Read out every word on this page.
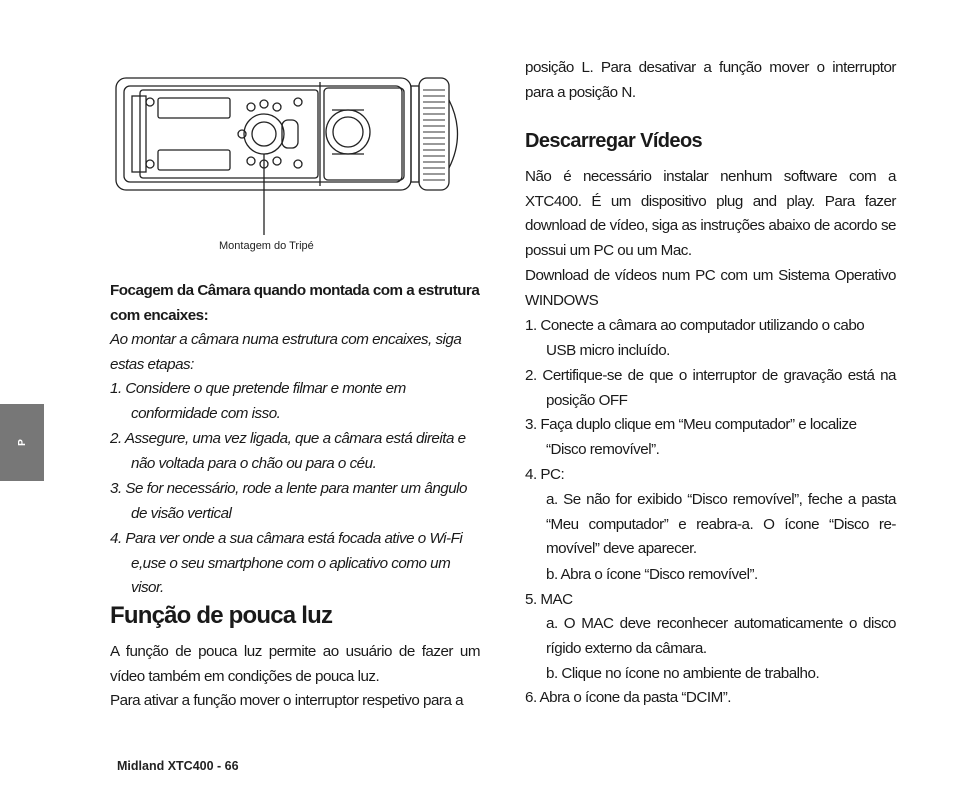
P
Montagem do Tripé

Focagem da Câmara quando montada com a estrutura com encaixes:

Ao montar a câmara numa estrutura com encaixes, siga estas etapas:

1. Considere o que pretende filmar e monte em conformidade com isso.

2. Assegure, uma vez ligada, que a câmara está direita e não voltada para o chão ou para o céu.

3. Se for necessário, rode a lente para manter um ângulo de visão vertical

4. Para ver onde a sua câmara está focada ative o Wi-Fi e,use o seu smartphone com o aplicativo como um visor.

Função de pouca luz

A função de pouca luz permite ao usuário de fazer um vídeo também em condições de pouca luz.

Para ativar a função mover o interruptor respetivo para a

posição L. Para desativar a função mover o interruptor para a posição N.

Descarregar Vídeos

Não é necessário instalar nenhum software com a XTC400. É um dispositivo plug and play. Para fazer download de vídeo, siga as instruções abaixo de acordo se possui um PC ou um Mac.

Download de vídeos num PC com um Sistema Operativo WINDOWS

1. Conecte a câmara ao computador utilizando o cabo USB micro incluído.

2. Certifique-se de que o interruptor de gravação está na posição OFF

3. Faça duplo clique em “Meu computador” e localize “Disco removível”.

4. PC:

a. Se não for exibido “Disco removível”, feche a pasta “Meu computador” e reabra-a. O ícone “Disco re-movível” deve aparecer.

b. Abra o ícone “Disco removível”.

5. MAC

a. O MAC deve reconhecer automaticamente o disco rígido externo da câmara.

b. Clique no ícone no ambiente de trabalho.

6. Abra o ícone da pasta “DCIM”.

Midland XTC400 - 66
